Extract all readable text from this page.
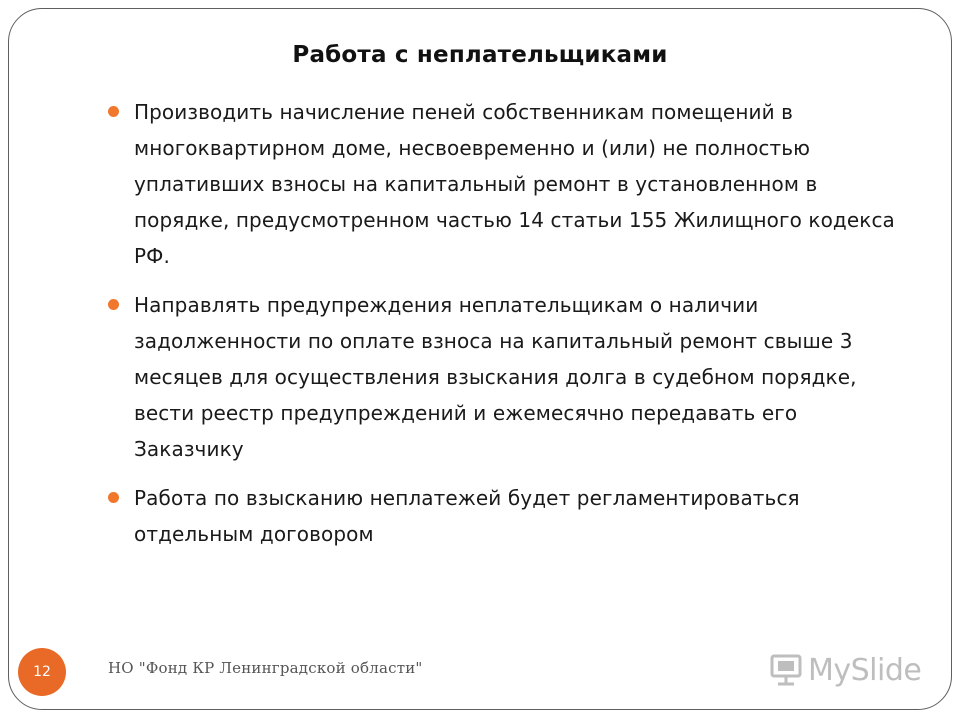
Работа с неплательщиками
Производить начисление пеней собственникам помещений в многоквартирном доме, несвоевременно и (или) не полностью уплативших взносы на капитальный ремонт в установленном в порядке, предусмотренном частью 14 статьи 155 Жилищного кодекса РФ.
Направлять предупреждения неплательщикам о наличии задолженности по оплате взноса на капитальный ремонт свыше 3 месяцев для осуществления взыскания долга в судебном порядке, вести реестр предупреждений и ежемесячно передавать его Заказчику
Работа по взысканию неплатежей будет регламентироваться отдельным договором
12	НО "Фонд КР Ленинградской области"	MySlide
